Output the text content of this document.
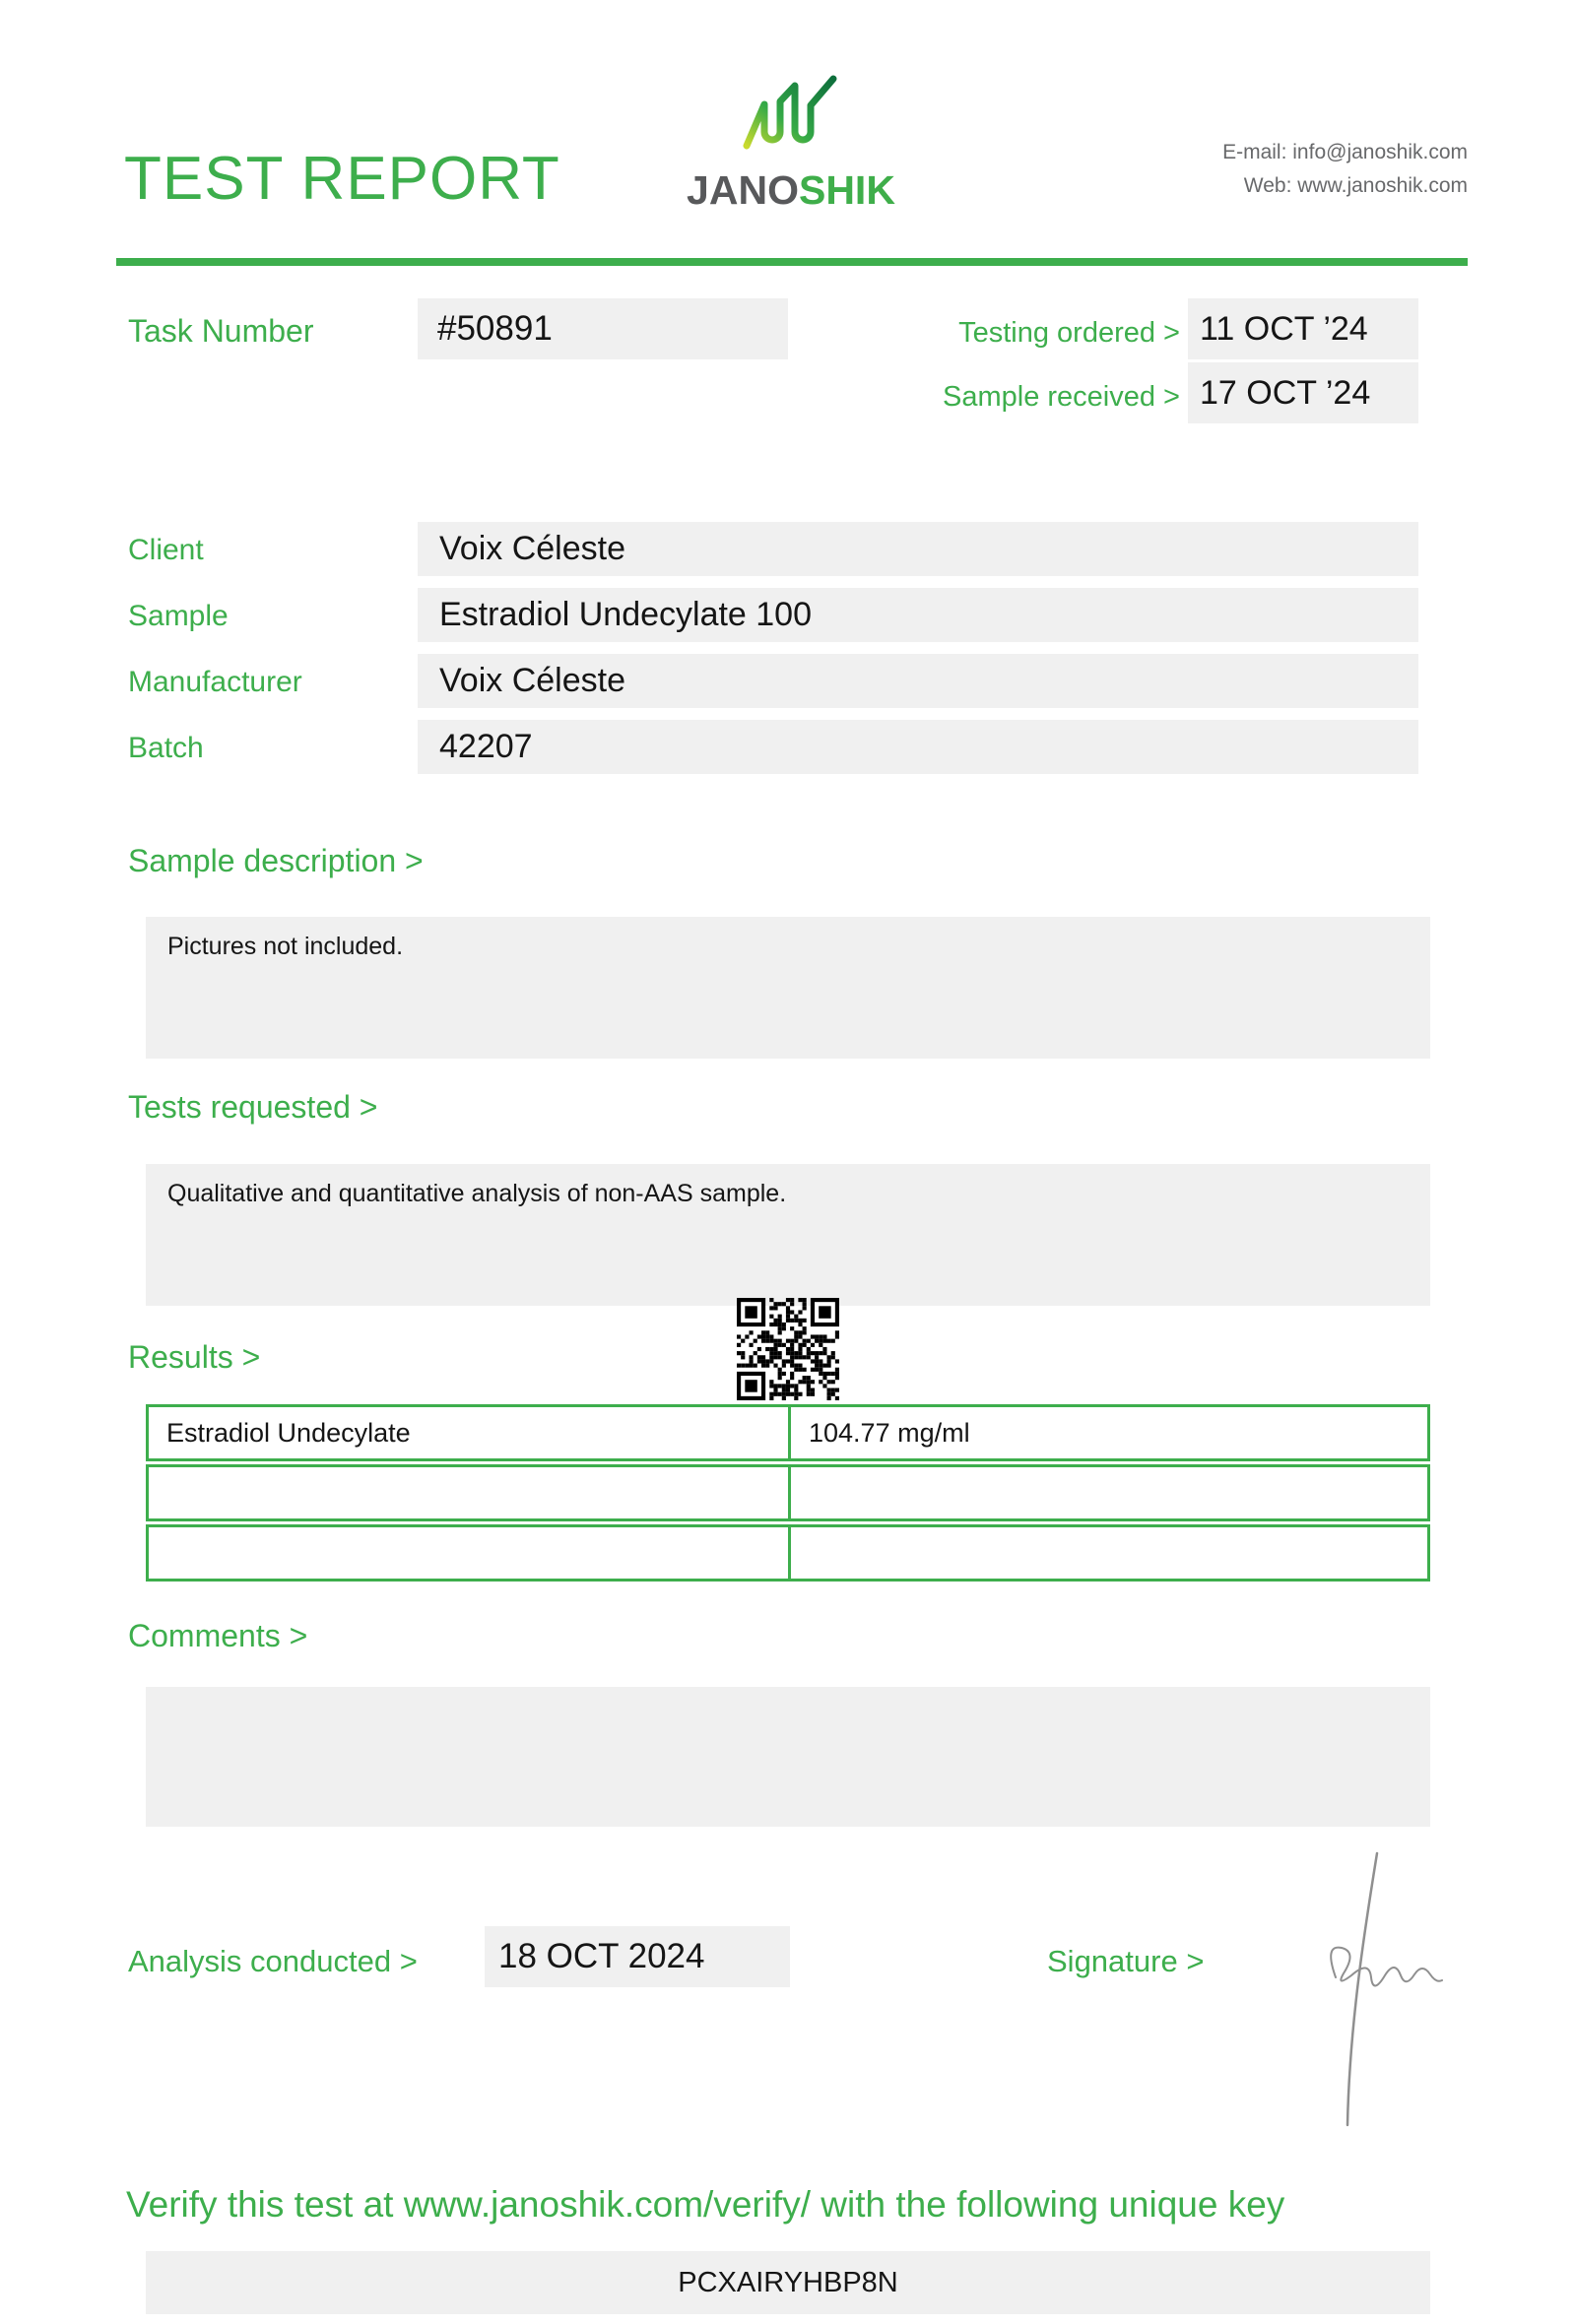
TEST REPORT	JANOSHIK
E-mail: info@janoshik.com
Web: www.janoshik.com
Task Number	#50891	Testing ordered > 11 OCT ’24
Sample received > 17 OCT ’24
Client	Voix Céleste
Sample	Estradiol Undecylate 100
Manufacturer	Voix Céleste
Batch	42207
Sample description >
Pictures not included.
Tests requested >
Qualitative and quantitative analysis of non-AAS sample.
Results >
Estradiol Undecylate	104.77 mg/ml
Comments >
Analysis conducted >	18 OCT 2024	Signature >
Verify this test at www.janoshik.com/verify/ with the following unique key
PCXAIRYHBP8N
